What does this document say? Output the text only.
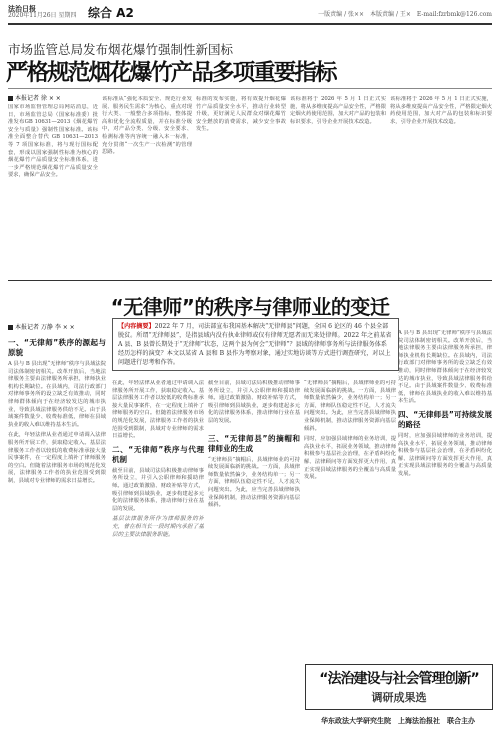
法治日报
2020年11月26日 星期四 综合 A2	一版责编 / 张××　本版责编 / 王×　E-mail:fzrbmk@126.com
市场监管总局发布烟花爆竹强制性新国标
严格规范烟花爆竹产品多项重要指标
本报记者 徐 × ×
国家市场监督管理总局网站消息，近日，市场监管总局（国家标准委）批准发布GB 10631—2013《烟花爆竹 安全与质量》强制性国家标准。该标准全面整合替代 GB 10631—2013 等 7 项国家标准，将与现行国标配套，形成以国家强制性标准为核心的烟花爆竹产品质量安全标准体系，进一步严格规范烟花爆竹产品质量安全要求，确保产品安全。
该标准从“强化本质安全、规范行业发展、服务民生需求”为核心，重点对现行大类、一般整合多项指标，整体提高和优化全流程质量，并在标准分级中，对产品分类、分级、安全要求、检测标准等内容统一融入本一标准，充分贯彻“一次生产一次检测”的管理思路。
标准的发布实施，将有效提升烟花爆竹产品质量安全水平，推动行业转型升级，更好满足人民群众对烟花爆竹安全燃放的消费需求，减少安全事故发生。
该标准将于 2026 年 5 月 1 日正式实施，将从多维度提高产品安全性，严格限定烟火药使用范围，加大对产品的包装和标识要求，引导企业开展技术改造。
该标准将于 2026 年 5 月 1 日正式实施，将从多维度提高产品安全性，严格限定烟火药使用范围，加大对产品的包装和标识要求，引导企业开展技术改造。
“无律师”的秩序与律师业的变迁
本报记者 万静 李 × ×	【内容摘要】2022 年 7 月，司法部宣布我国基本解决“无律师县”问题，全国 6 论区的 46 个县全部脱贫。所谓“无律师县”，是指县域内没有执业律师或仅有律师无愿者而无来处律师。2022 年之前某省 A 县、B 县曾长期处于“无律师”状态，这两个县为何会“无律师”？县域的律师事务所与法律服务体系经历怎样的演变？本文以某省 A 县和 B 县作为考察对象，通过实地访谈等方式进行调查研究，对以上问题进行思考和作答。
一、“无律师”秩序的源起与原貌
A 县与 B 县出现“无律师”秩序与县域法院司法体制密切相关。改革开放后，当地法律服务主要由法律服务所承担，律师执业机构长期缺位。在县域内，司法行政部门对律师事务所的设立缺乏有效推动，同时律师群体倾向于在经济较发达的城市执业，导致县域法律服务供给不足。由于县域案件数量少、收费标准低，律师在县域执业的收入难以维持基本生活。
在此，年轻法律从业者通过申请调入法律服务所开展工作，获取稳定收入。基层法律服务工作者以较低的收费标准承接大量民事案件，在一定程度上填补了律师服务的空白。但随着法律服务市场的规范化发展，法律服务工作者的执业范围受到限制，县域对专业律师的需求日益增长。
在此，年轻法律从业者通过申请调入法律服务所开展工作，获取稳定收入。基层法律服务工作者以较低的收费标准承接大量民事案件，在一定程度上填补了律师服务的空白。但随着法律服务市场的规范化发展，法律服务工作者的执业范围受到限制，县域对专业律师的需求日益增长。
二、“无律师”秩序与代理机制
截至目前，县域司法局积极推动律师事务所设立，并引入公职律师和援助律师。通过政策激励、财政补贴等方式，吸引律师到县域执业，逐步构建起多元化的法律服务体系，推动律师行业在基层的发展。
基层法律服务所作为律师服务的补充，曾在相当长一段时期内承担了基层的主要法律服务职能。
截至目前，县域司法局积极推动律师事务所设立，并引入公职律师和援助律师。通过政策激励、财政补贴等方式，吸引律师到县域执业，逐步构建起多元化的法律服务体系，推动律师行业在基层的发展。
三、“无律师县”的摘帽和律师业的生成
“无律师县”摘帽后，县域律师业的可持续发展面临新的挑战。一方面，县域律师数量依然偏少，业务结构单一；另一方面，律师队伍稳定性不足，人才流失问题突出。为此，应当完善县域律师执业保障机制，推动法律服务资源向基层倾斜。
“无律师县”摘帽后，县域律师业的可持续发展面临新的挑战。一方面，县域律师数量依然偏少，业务结构单一；另一方面，律师队伍稳定性不足，人才流失问题突出。为此，应当完善县域律师执业保障机制，推动法律服务资源向基层倾斜。
同时，应加强县域律师的业务培训，提高执业水平，拓展业务领域，推动律师积极参与基层社会治理，在矛盾纠纷化解、法律顾问等方面发挥更大作用，真正实现县域法律服务的全覆盖与高质量发展。
A 县与 B 县出现“无律师”秩序与县域法院司法体制密切相关。改革开放后，当地法律服务主要由法律服务所承担，律师执业机构长期缺位。在县域内，司法行政部门对律师事务所的设立缺乏有效推动，同时律师群体倾向于在经济较发达的城市执业，导致县域法律服务供给不足。由于县域案件数量少、收费标准低，律师在县域执业的收入难以维持基本生活。
四、“无律师县”可持续发展的路径
同时，应加强县域律师的业务培训，提高执业水平，拓展业务领域，推动律师积极参与基层社会治理，在矛盾纠纷化解、法律顾问等方面发挥更大作用，真正实现县域法律服务的全覆盖与高质量发展。
“法治建设与社会管理创新”
调研成果选
华东政法大学研究生院　上海法治报社　联合主办
